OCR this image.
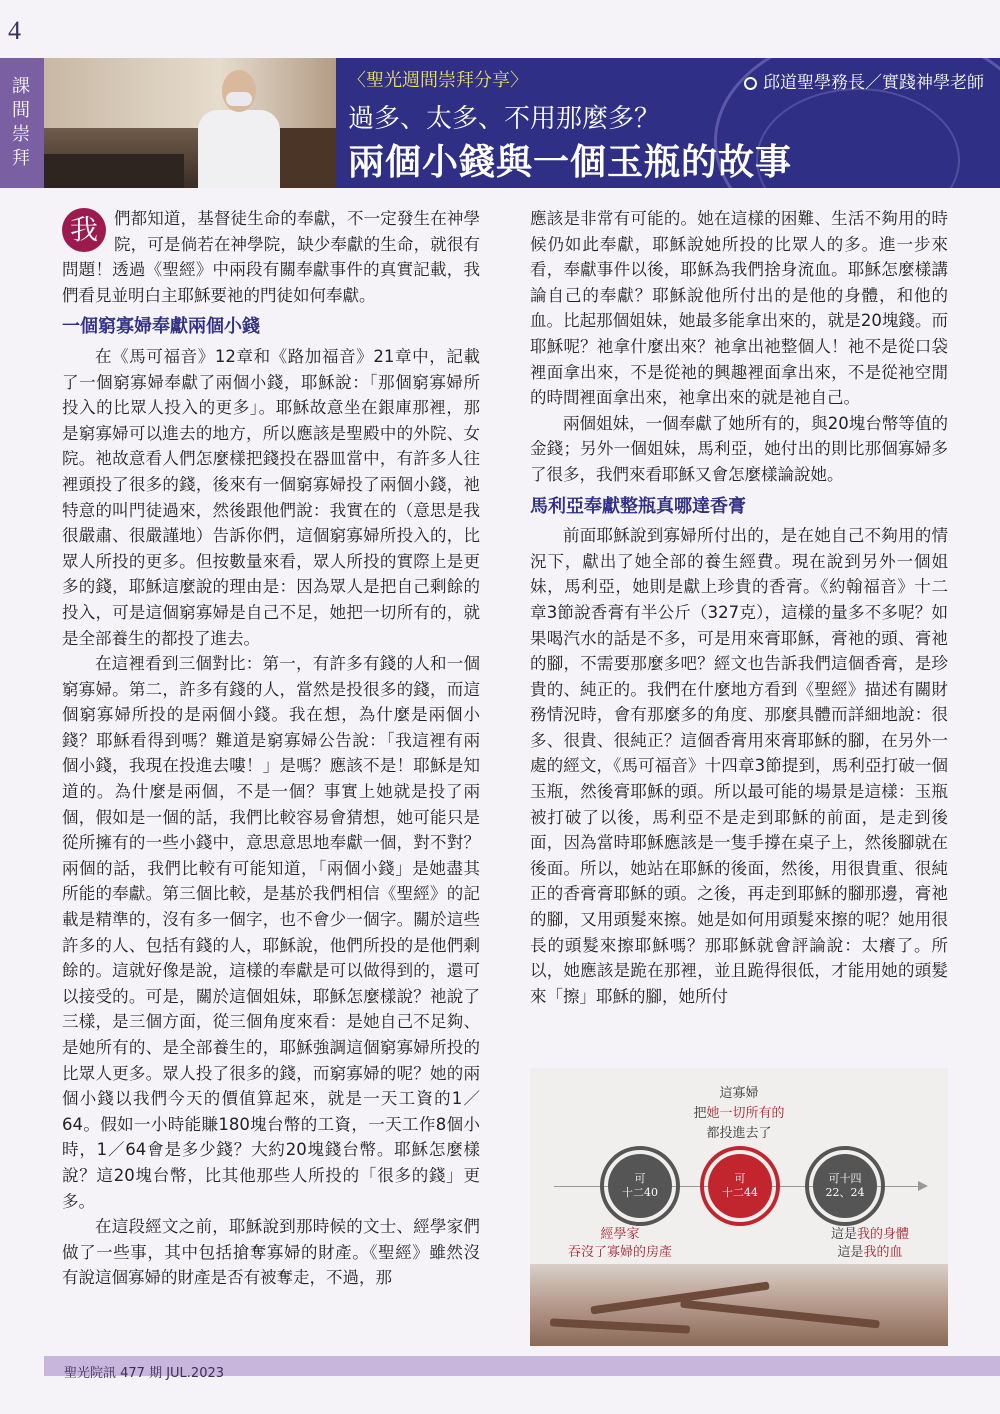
4
課
間
崇
拜
〈聖光週間崇拜分享〉	邱道聖學務長／實踐神學老師
過多、太多、不用那麼多？
兩個小錢與一個玉瓶的故事

我 們都知道，基督徒生命的奉獻，不一定發生在神學院，可是倘若在神學院，缺少奉獻的生命，就很有問題！透過《聖經》中兩段有關奉獻事件的真實記載，我們看見並明白主耶穌要祂的門徒如何奉獻。

一個窮寡婦奉獻兩個小錢

在《馬可福音》12章和《路加福音》21章中，記載了一個窮寡婦奉獻了兩個小錢，耶穌說：「那個窮寡婦所投入的比眾人投入的更多」。耶穌故意坐在銀庫那裡，那是窮寡婦可以進去的地方，所以應該是聖殿中的外院、女院。祂故意看人們怎麼樣把錢投在器皿當中，有許多人往裡頭投了很多的錢，後來有一個窮寡婦投了兩個小錢，祂特意的叫門徒過來，然後跟他們說：我實在的（意思是我很嚴肅、很嚴謹地）告訴你們，這個窮寡婦所投入的，比眾人所投的更多。但按數量來看，眾人所投的實際上是更多的錢，耶穌這麼說的理由是：因為眾人是把自己剩餘的投入，可是這個窮寡婦是自己不足，她把一切所有的，就是全部養生的都投了進去。

在這裡看到三個對比：第一，有許多有錢的人和一個窮寡婦。第二，許多有錢的人，當然是投很多的錢，而這個窮寡婦所投的是兩個小錢。我在想，為什麼是兩個小錢？耶穌看得到嗎？難道是窮寡婦公告說：「我這裡有兩個小錢，我現在投進去嘍！」是嗎？應該不是！耶穌是知道的。為什麼是兩個，不是一個？事實上她就是投了兩個，假如是一個的話，我們比較容易會猜想，她可能只是從所擁有的一些小錢中，意思意思地奉獻一個，對不對？兩個的話，我們比較有可能知道，「兩個小錢」是她盡其所能的奉獻。第三個比較，是基於我們相信《聖經》的記載是精準的，沒有多一個字，也不會少一個字。關於這些許多的人、包括有錢的人，耶穌說，他們所投的是他們剩餘的。這就好像是說，這樣的奉獻是可以做得到的，還可以接受的。可是，關於這個姐妹，耶穌怎麼樣說？祂說了三樣，是三個方面，從三個角度來看：是她自己不足夠、是她所有的、是全部養生的，耶穌強調這個窮寡婦所投的比眾人更多。眾人投了很多的錢，而窮寡婦的呢？她的兩個小錢以我們今天的價值算起來，就是一天工資的1／64。假如一小時能賺180塊台幣的工資，一天工作8個小時，1／64會是多少錢？大約20塊錢台幣。耶穌怎麼樣說？這20塊台幣，比其他那些人所投的「很多的錢」更多。

在這段經文之前，耶穌說到那時候的文士、經學家們做了一些事，其中包括搶奪寡婦的財產。《聖經》雖然沒有說這個寡婦的財產是否有被奪走，不過，那

應該是非常有可能的。她在這樣的困難、生活不夠用的時候仍如此奉獻，耶穌說她所投的比眾人的多。進一步來看，奉獻事件以後，耶穌為我們捨身流血。耶穌怎麼樣講論自己的奉獻？耶穌說他所付出的是他的身體，和他的血。比起那個姐妹，她最多能拿出來的，就是20塊錢。而耶穌呢？祂拿什麼出來？祂拿出祂整個人！祂不是從口袋裡面拿出來，不是從祂的興趣裡面拿出來，不是從祂空閒的時間裡面拿出來，祂拿出來的就是祂自己。

兩個姐妹，一個奉獻了她所有的，與20塊台幣等值的金錢；另外一個姐妹，馬利亞，她付出的則比那個寡婦多了很多，我們來看耶穌又會怎麼樣論說她。

馬利亞奉獻整瓶真哪達香膏

前面耶穌說到寡婦所付出的，是在她自己不夠用的情況下，獻出了她全部的養生經費。現在說到另外一個姐妹，馬利亞，她則是獻上珍貴的香膏。《約翰福音》十二章3節說香膏有半公斤（327克），這樣的量多不多呢？如果喝汽水的話是不多，可是用來膏耶穌，膏祂的頭、膏祂的腳，不需要那麼多吧？經文也告訴我們這個香膏，是珍貴的、純正的。我們在什麼地方看到《聖經》描述有關財務情況時，會有那麼多的角度、那麼具體而詳細地說：很多、很貴、很純正？這個香膏用來膏耶穌的腳，在另外一處的經文，《馬可福音》十四章3節提到，馬利亞打破一個玉瓶，然後膏耶穌的頭。所以最可能的場景是這樣：玉瓶被打破了以後，馬利亞不是走到耶穌的前面，是走到後面，因為當時耶穌應該是一隻手撐在桌子上，然後腳就在後面。所以，她站在耶穌的後面，然後，用很貴重、很純正的香膏膏耶穌的頭。之後，再走到耶穌的腳那邊，膏祂的腳，又用頭髮來擦。她是如何用頭髮來擦的呢？她用很長的頭髮來擦耶穌嗎？那耶穌就會評論說：太癢了。所以，她應該是跪在那裡，並且跪得很低，才能用她的頭髮來「擦」耶穌的腳，她所付

這寡婦
把她一切所有的
都投進去了
可
十二40
可
十二44
可十四
22、24
經學家
吞沒了寡婦的房產
這是我的身體
這是我的血
聖光院訊 477 期 JUL.2023
